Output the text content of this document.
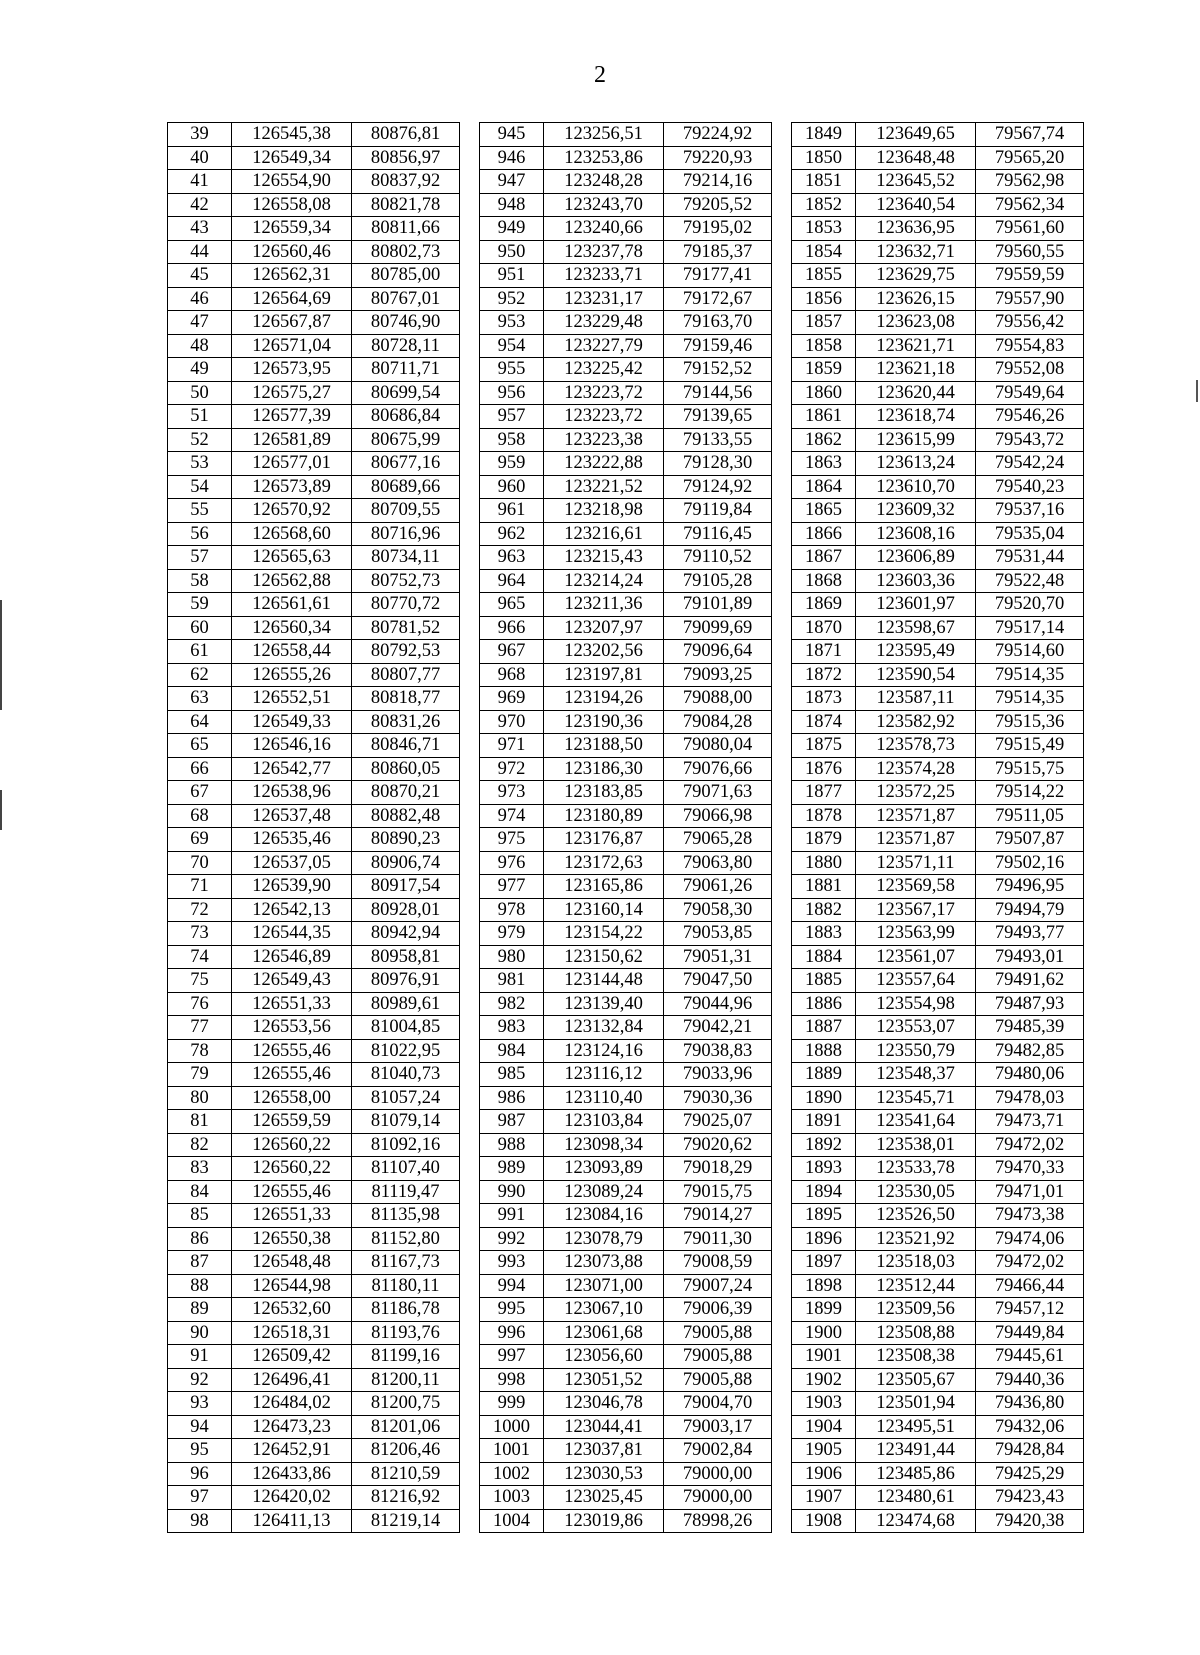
2
39	126545,38	80876,81		945	123256,51	79224,92		1849	123649,65	79567,74
40	126549,34	80856,97		946	123253,86	79220,93		1850	123648,48	79565,20
41	126554,90	80837,92		947	123248,28	79214,16		1851	123645,52	79562,98
42	126558,08	80821,78		948	123243,70	79205,52		1852	123640,54	79562,34
43	126559,34	80811,66		949	123240,66	79195,02		1853	123636,95	79561,60
44	126560,46	80802,73		950	123237,78	79185,37		1854	123632,71	79560,55
45	126562,31	80785,00		951	123233,71	79177,41		1855	123629,75	79559,59
46	126564,69	80767,01		952	123231,17	79172,67		1856	123626,15	79557,90
47	126567,87	80746,90		953	123229,48	79163,70		1857	123623,08	79556,42
48	126571,04	80728,11		954	123227,79	79159,46		1858	123621,71	79554,83
49	126573,95	80711,71		955	123225,42	79152,52		1859	123621,18	79552,08
50	126575,27	80699,54		956	123223,72	79144,56		1860	123620,44	79549,64
51	126577,39	80686,84		957	123223,72	79139,65		1861	123618,74	79546,26
52	126581,89	80675,99		958	123223,38	79133,55		1862	123615,99	79543,72
53	126577,01	80677,16		959	123222,88	79128,30		1863	123613,24	79542,24
54	126573,89	80689,66		960	123221,52	79124,92		1864	123610,70	79540,23
55	126570,92	80709,55		961	123218,98	79119,84		1865	123609,32	79537,16
56	126568,60	80716,96		962	123216,61	79116,45		1866	123608,16	79535,04
57	126565,63	80734,11		963	123215,43	79110,52		1867	123606,89	79531,44
58	126562,88	80752,73		964	123214,24	79105,28		1868	123603,36	79522,48
59	126561,61	80770,72		965	123211,36	79101,89		1869	123601,97	79520,70
60	126560,34	80781,52		966	123207,97	79099,69		1870	123598,67	79517,14
61	126558,44	80792,53		967	123202,56	79096,64		1871	123595,49	79514,60
62	126555,26	80807,77		968	123197,81	79093,25		1872	123590,54	79514,35
63	126552,51	80818,77		969	123194,26	79088,00		1873	123587,11	79514,35
64	126549,33	80831,26		970	123190,36	79084,28		1874	123582,92	79515,36
65	126546,16	80846,71		971	123188,50	79080,04		1875	123578,73	79515,49
66	126542,77	80860,05		972	123186,30	79076,66		1876	123574,28	79515,75
67	126538,96	80870,21		973	123183,85	79071,63		1877	123572,25	79514,22
68	126537,48	80882,48		974	123180,89	79066,98		1878	123571,87	79511,05
69	126535,46	80890,23		975	123176,87	79065,28		1879	123571,87	79507,87
70	126537,05	80906,74		976	123172,63	79063,80		1880	123571,11	79502,16
71	126539,90	80917,54		977	123165,86	79061,26		1881	123569,58	79496,95
72	126542,13	80928,01		978	123160,14	79058,30		1882	123567,17	79494,79
73	126544,35	80942,94		979	123154,22	79053,85		1883	123563,99	79493,77
74	126546,89	80958,81		980	123150,62	79051,31		1884	123561,07	79493,01
75	126549,43	80976,91		981	123144,48	79047,50		1885	123557,64	79491,62
76	126551,33	80989,61		982	123139,40	79044,96		1886	123554,98	79487,93
77	126553,56	81004,85		983	123132,84	79042,21		1887	123553,07	79485,39
78	126555,46	81022,95		984	123124,16	79038,83		1888	123550,79	79482,85
79	126555,46	81040,73		985	123116,12	79033,96		1889	123548,37	79480,06
80	126558,00	81057,24		986	123110,40	79030,36		1890	123545,71	79478,03
81	126559,59	81079,14		987	123103,84	79025,07		1891	123541,64	79473,71
82	126560,22	81092,16		988	123098,34	79020,62		1892	123538,01	79472,02
83	126560,22	81107,40		989	123093,89	79018,29		1893	123533,78	79470,33
84	126555,46	81119,47		990	123089,24	79015,75		1894	123530,05	79471,01
85	126551,33	81135,98		991	123084,16	79014,27		1895	123526,50	79473,38
86	126550,38	81152,80		992	123078,79	79011,30		1896	123521,92	79474,06
87	126548,48	81167,73		993	123073,88	79008,59		1897	123518,03	79472,02
88	126544,98	81180,11		994	123071,00	79007,24		1898	123512,44	79466,44
89	126532,60	81186,78		995	123067,10	79006,39		1899	123509,56	79457,12
90	126518,31	81193,76		996	123061,68	79005,88		1900	123508,88	79449,84
91	126509,42	81199,16		997	123056,60	79005,88		1901	123508,38	79445,61
92	126496,41	81200,11		998	123051,52	79005,88		1902	123505,67	79440,36
93	126484,02	81200,75		999	123046,78	79004,70		1903	123501,94	79436,80
94	126473,23	81201,06		1000	123044,41	79003,17		1904	123495,51	79432,06
95	126452,91	81206,46		1001	123037,81	79002,84		1905	123491,44	79428,84
96	126433,86	81210,59		1002	123030,53	79000,00		1906	123485,86	79425,29
97	126420,02	81216,92		1003	123025,45	79000,00		1907	123480,61	79423,43
98	126411,13	81219,14		1004	123019,86	78998,26		1908	123474,68	79420,38
